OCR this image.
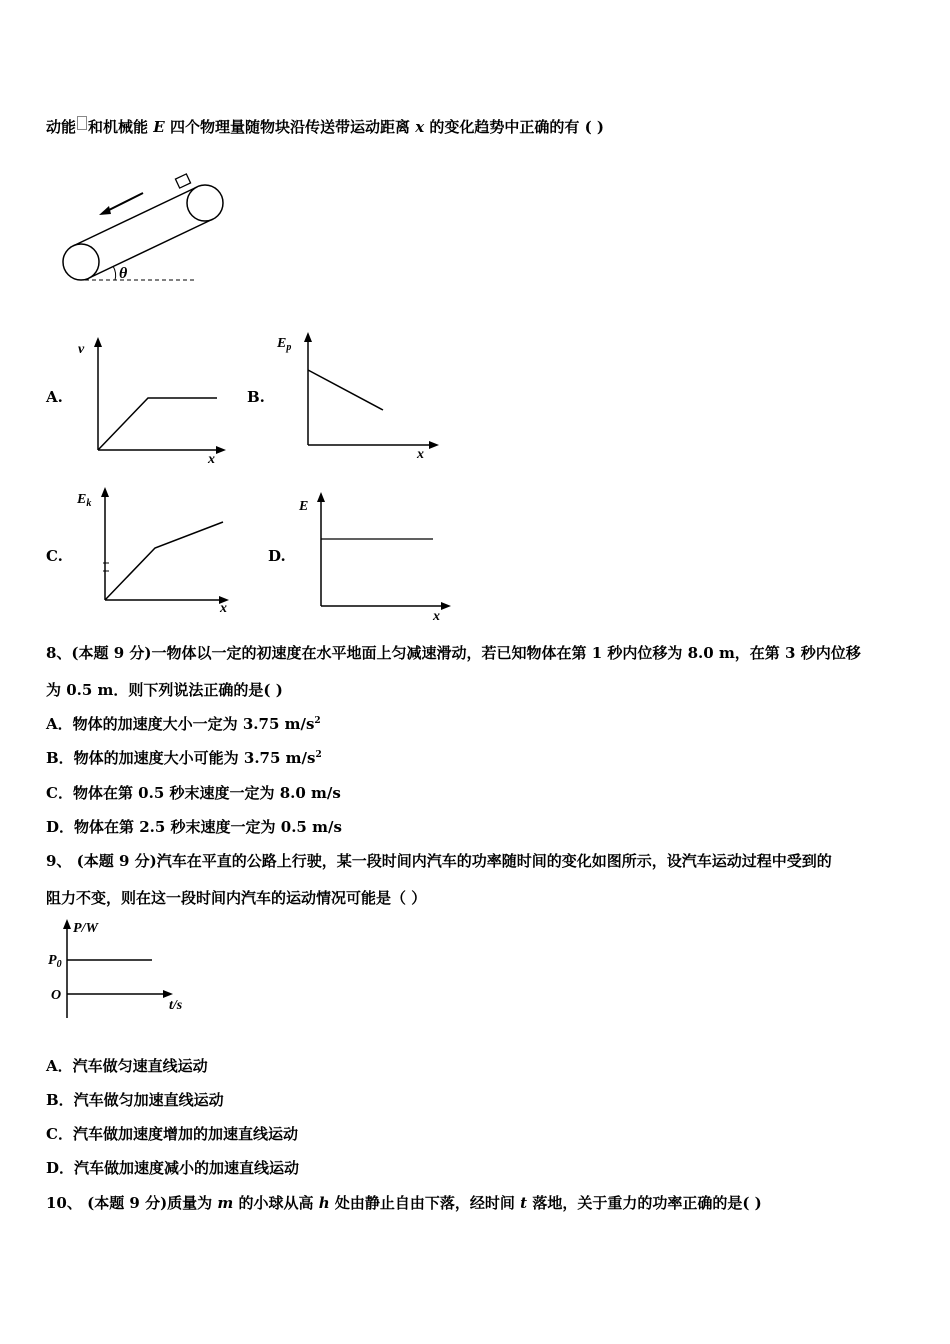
动能 和机械能 E 四个物理量随物块沿传送带运动距离 x 的变化趋势中正确的有 ( )
θ
A.
v
x
B.
$E_p$
x
C.
$E_k$
x
D.
E
x
8、(本题 9 分)一物体以一定的初速度在水平地面上匀减速滑动，若已知物体在第 1 秒内位移为 8.0 m，在第 3 秒内位移
为 0.5 m．则下列说法正确的是( )
A．物体的加速度大小一定为 3.75 $m/s^2$
B．物体的加速度大小可能为 3.75 $m/s^2$
C．物体在第 0.5 秒末速度一定为 8.0 m/s
D．物体在第 2.5 秒末速度一定为 0.5 m/s
9、 (本题 9 分)汽车在平直的公路上行驶，某一段时间内汽车的功率随时间的变化如图所示，设汽车运动过程中受到的
阻力不变，则在这一段时间内汽车的运动情况可能是（ ）
P/W
$P_0$
O
t/s
A．汽车做匀速直线运动
B．汽车做匀加速直线运动
C．汽车做加速度增加的加速直线运动
D．汽车做加速度减小的加速直线运动
10、 (本题 9 分)质量为 m 的小球从高 h 处由静止自由下落，经时间 t 落地，关于重力的功率正确的是( )
